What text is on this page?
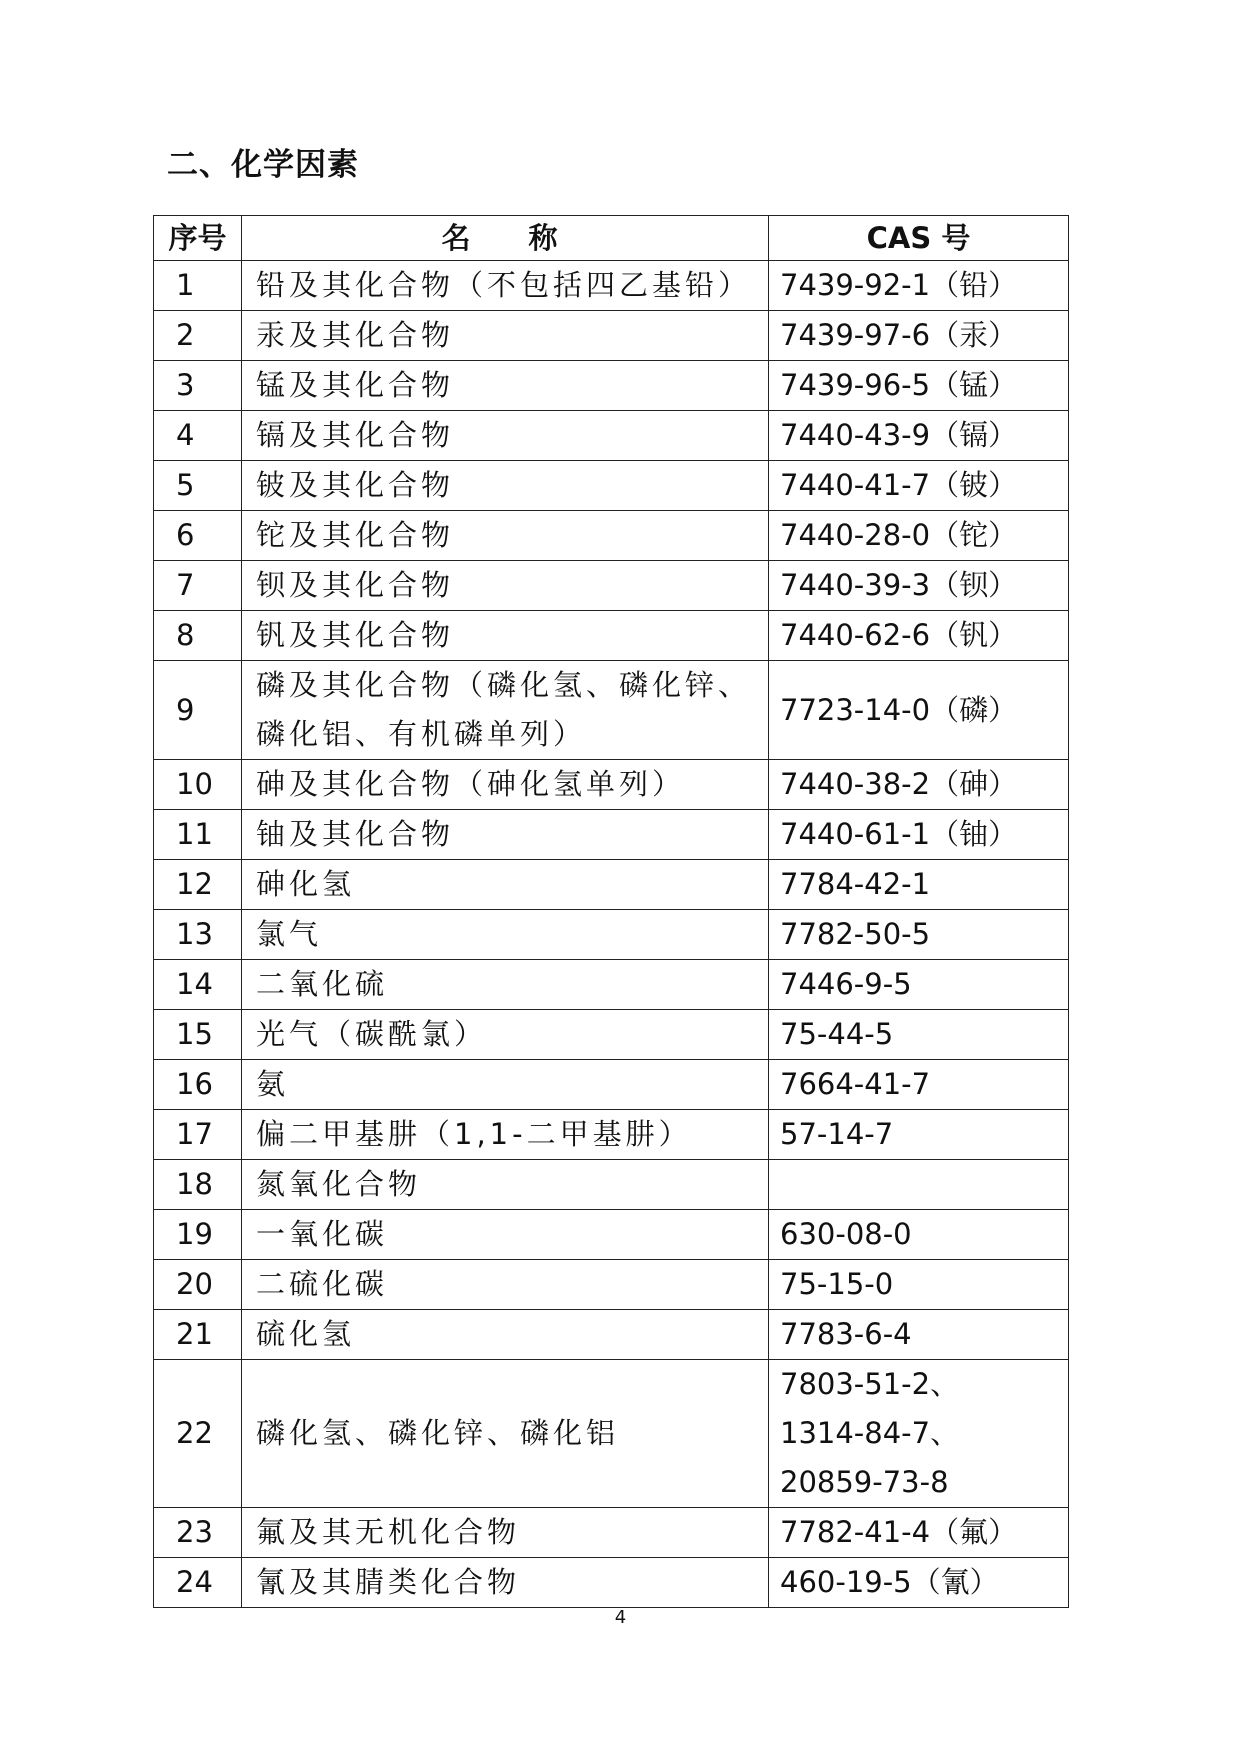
二、化学因素
序号	名称	CAS 号
1	铅及其化合物（不包括四乙基铅）	7439-92-1（铅）

2	汞及其化合物	7439-97-6（汞）

3	锰及其化合物	7439-96-5（锰）

4	镉及其化合物	7440-43-9（镉）

5	铍及其化合物	7440-41-7（铍）

6	铊及其化合物	7440-28-0（铊）

7	钡及其化合物	7440-39-3（钡）

8	钒及其化合物	7440-62-6（钒）

9	磷及其化合物（磷化氢、磷化锌、
磷化铝、有机磷单列）	7723-14-0（磷）

10	砷及其化合物（砷化氢单列）	7440-38-2（砷）

11	铀及其化合物	7440-61-1（铀）

12	砷化氢	7784-42-1

13	氯气	7782-50-5

14	二氧化硫	7446-9-5

15	光气（碳酰氯）	75-44-5

16	氨	7664-41-7

17	偏二甲基肼（1,1-二甲基肼）	57-14-7

18	氮氧化合物	

19	一氧化碳	630-08-0

20	二硫化碳	75-15-0

21	硫化氢	7783-6-4

22	磷化氢、磷化锌、磷化铝	7803-51-2、
1314-84-7、
20859-73-8

23	氟及其无机化合物	7782-41-4（氟）

24	氰及其腈类化合物	460-19-5（氰）
4
